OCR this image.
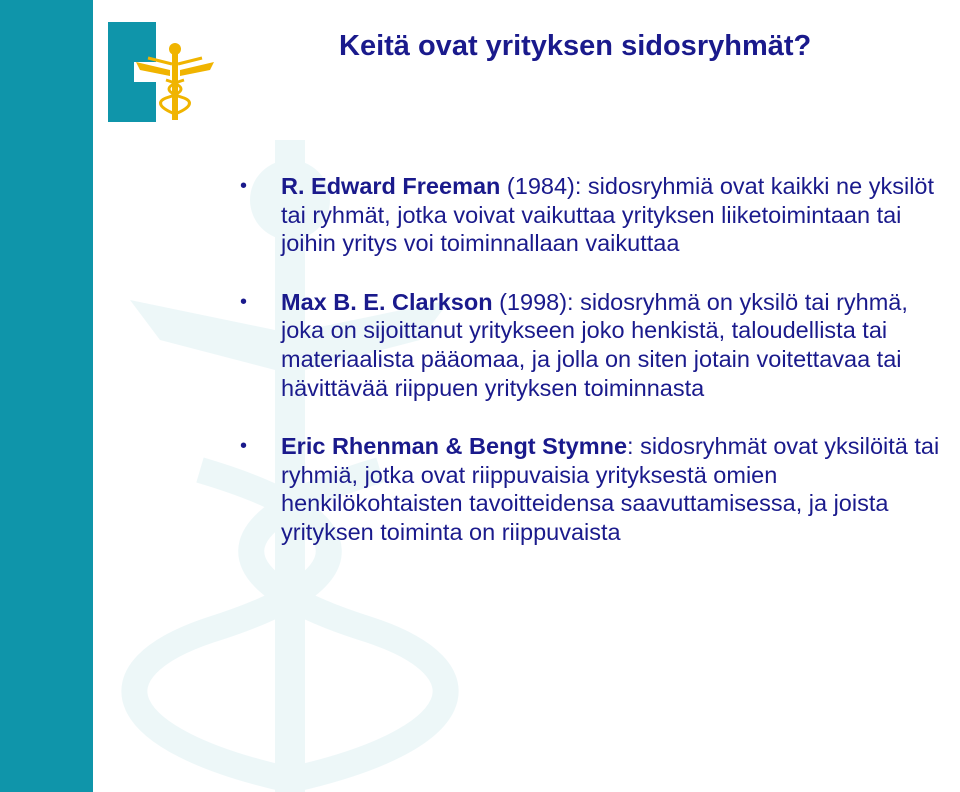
Keitä ovat yrityksen sidosryhmät?
• R. Edward Freeman (1984): sidosryhmiä ovat kaikki ne yksilöt tai ryhmät, jotka voivat vaikuttaa yrityksen liiketoimintaan tai joihin yritys voi toiminnallaan vaikuttaa
• Max B. E. Clarkson (1998): sidosryhmä on yksilö tai ryhmä, joka on sijoittanut yritykseen joko henkistä, taloudellista tai materiaalista pääomaa, ja jolla on siten jotain voitettavaa tai hävittävää riippuen yrityksen toiminnasta
• Eric Rhenman & Bengt Stymne: sidosryhmät ovat yksilöitä tai ryhmiä, jotka ovat riippuvaisia yrityksestä omien henkilökohtaisten tavoitteidensa saavuttamisessa, ja joista yrityksen toiminta on riippuvaista
